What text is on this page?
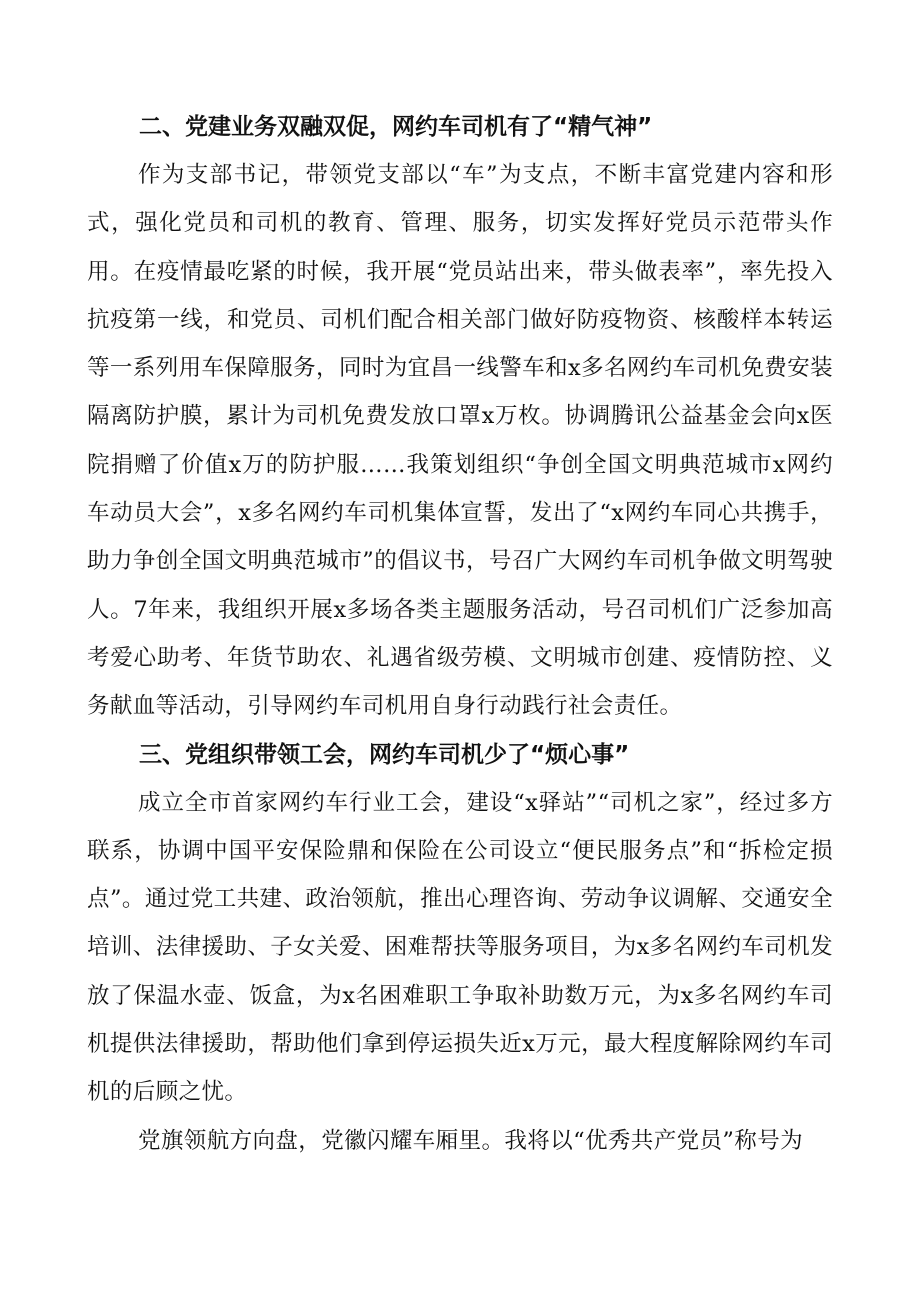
二、党建业务双融双促，网约车司机有了“精气神”

作为支部书记，带领党支部以“车”为支点，不断丰富党建内容和形式，强化党员和司机的教育、管理、服务，切实发挥好党员示范带头作用。在疫情最吃紧的时候，我开展“党员站出来，带头做表率”，率先投入抗疫第一线，和党员、司机们配合相关部门做好防疫物资、核酸样本转运等一系列用车保障服务，同时为宜昌一线警车和x多名网约车司机免费安装隔离防护膜，累计为司机免费发放口罩x万枚。协调腾讯公益基金会向x医院捐赠了价值x万的防护服……我策划组织“争创全国文明典范城市x网约车动员大会”，x多名网约车司机集体宣誓，发出了“x网约车同心共携手，助力争创全国文明典范城市”的倡议书，号召广大网约车司机争做文明驾驶人。7年来，我组织开展x多场各类主题服务活动，号召司机们广泛参加高考爱心助考、年货节助农、礼遇省级劳模、文明城市创建、疫情防控、义务献血等活动，引导网约车司机用自身行动践行社会责任。

三、党组织带领工会，网约车司机少了“烦心事”

成立全市首家网约车行业工会，建设“x驿站”“司机之家”，经过多方联系，协调中国平安保险鼎和保险在公司设立“便民服务点”和“拆检定损点”。通过党工共建、政治领航，推出心理咨询、劳动争议调解、交通安全培训、法律援助、子女关爱、困难帮扶等服务项目，为x多名网约车司机发放了保温水壶、饭盒，为x名困难职工争取补助数万元，为x多名网约车司机提供法律援助，帮助他们拿到停运损失近x万元，最大程度解除网约车司机的后顾之忧。

党旗领航方向盘，党徽闪耀车厢里。我将以“优秀共产党员”称号为
